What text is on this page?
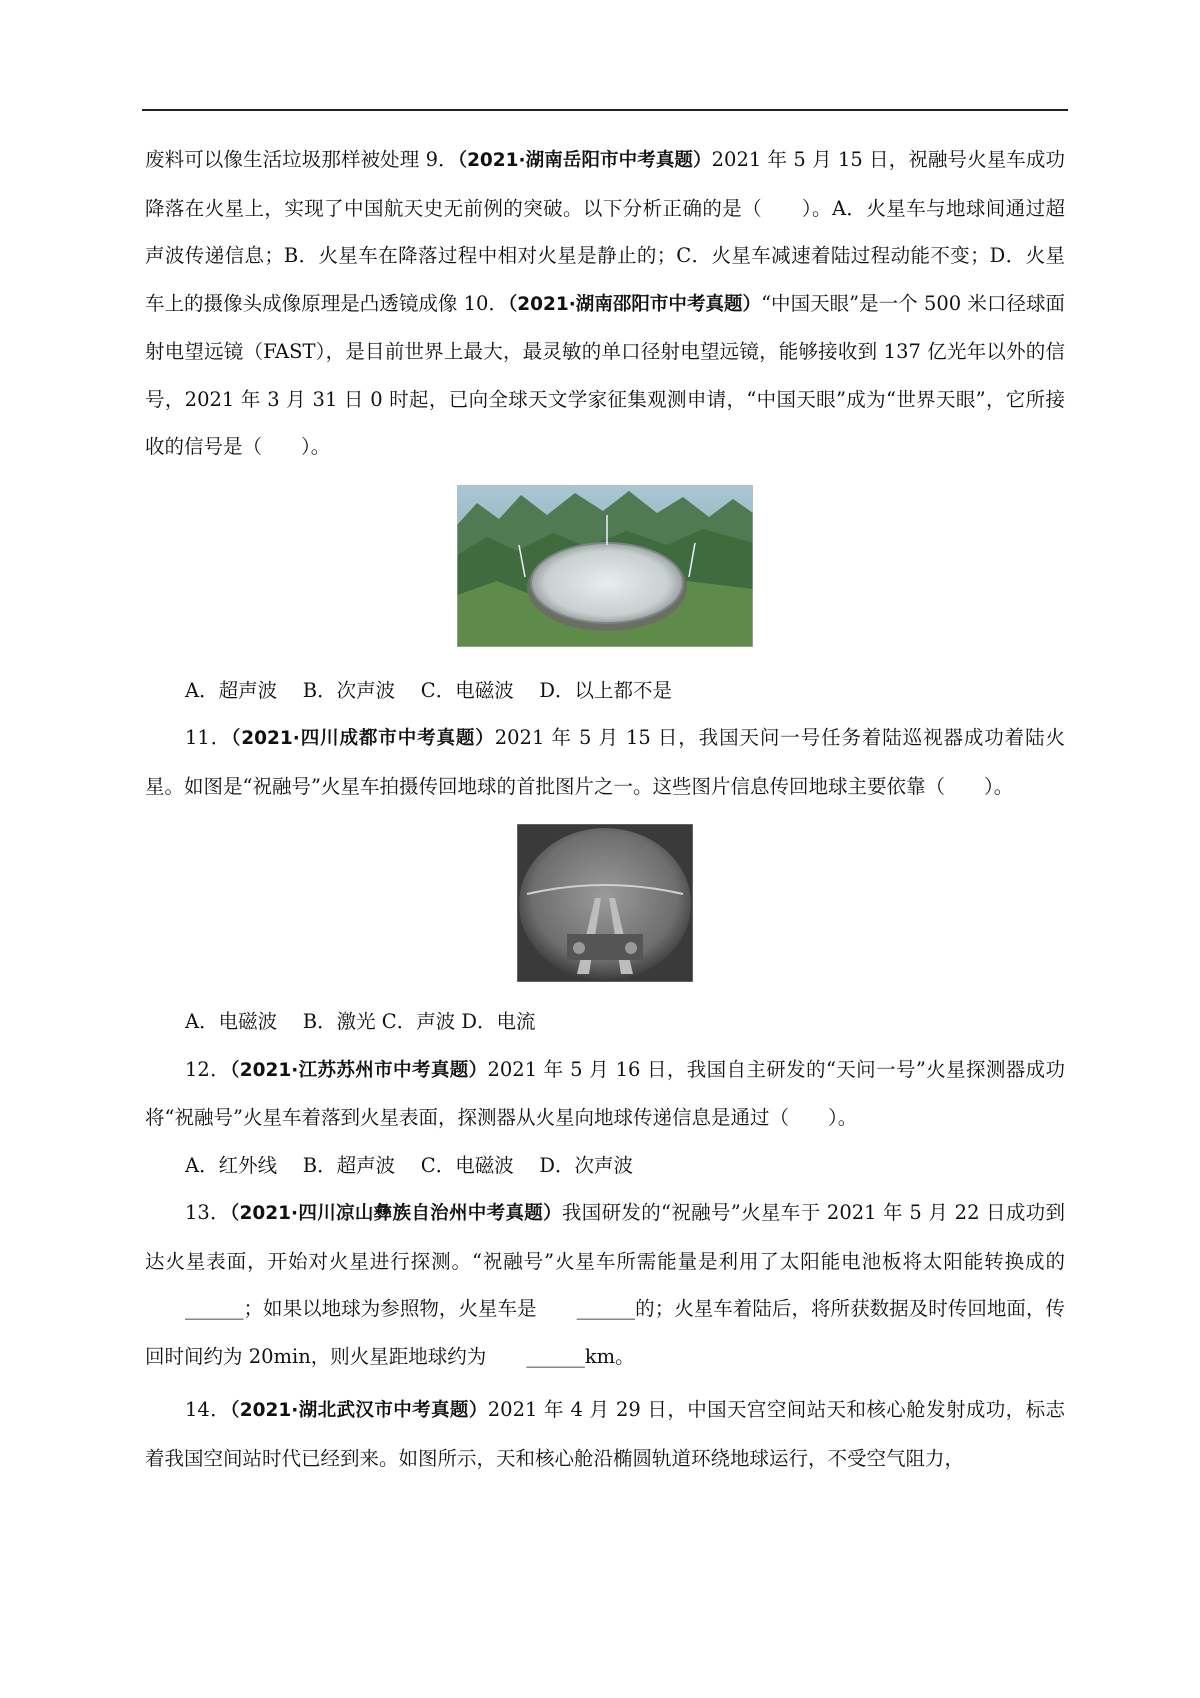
废料可以像生活垃圾那样被处理 9．（2021·湖南岳阳市中考真题）2021 年 5 月 15 日，祝融号火星车成功降落在火星上，实现了中国航天史无前例的突破。以下分析正确的是（　　）。A．火星车与地球间通过超声波传递信息；B．火星车在降落过程中相对火星是静止的；C．火星车减速着陆过程动能不变；D．火星车上的摄像头成像原理是凸透镜成像 10．（2021·湖南邵阳市中考真题）“中国天眼”是一个 500 米口径球面射电望远镜（FAST），是目前世界上最大，最灵敏的单口径射电望远镜，能够接收到 137 亿光年以外的信号，2021 年 3 月 31 日 0 时起，已向全球天文学家征集观测申请，“中国天眼”成为“世界天眼”，它所接收的信号是（　　）。

A．超声波　 B．次声波　 C．电磁波　 D．以上都不是

11．（2021·四川成都市中考真题）2021 年 5 月 15 日，我国天问一号任务着陆巡视器成功着陆火星。如图是“祝融号”火星车拍摄传回地球的首批图片之一。这些图片信息传回地球主要依靠（　　）。

A．电磁波　 B．激光 C．声波 D．电流

12．（2021·江苏苏州市中考真题）2021 年 5 月 16 日，我国自主研发的“天问一号”火星探测器成功将“祝融号”火星车着落到火星表面，探测器从火星向地球传递信息是通过（　　）。

A．红外线　 B．超声波　 C．电磁波　 D．次声波

13．（2021·四川凉山彝族自治州中考真题）我国研发的“祝融号”火星车于 2021 年 5 月 22 日成功到达火星表面，开始对火星进行探测。“祝融号”火星车所需能量是利用了太阳能电池板将太阳能转换成的______；如果以地球为参照物，火星车是 ______的；火星车着陆后，将所获数据及时传回地面，传回时间约为 20min，则火星距地球约为 ______km。

14．（2021·湖北武汉市中考真题）2021 年 4 月 29 日，中国天宫空间站天和核心舱发射成功，标志着我国空间站时代已经到来。如图所示，天和核心舱沿椭圆轨道环绕地球运行，不受空气阻力，
